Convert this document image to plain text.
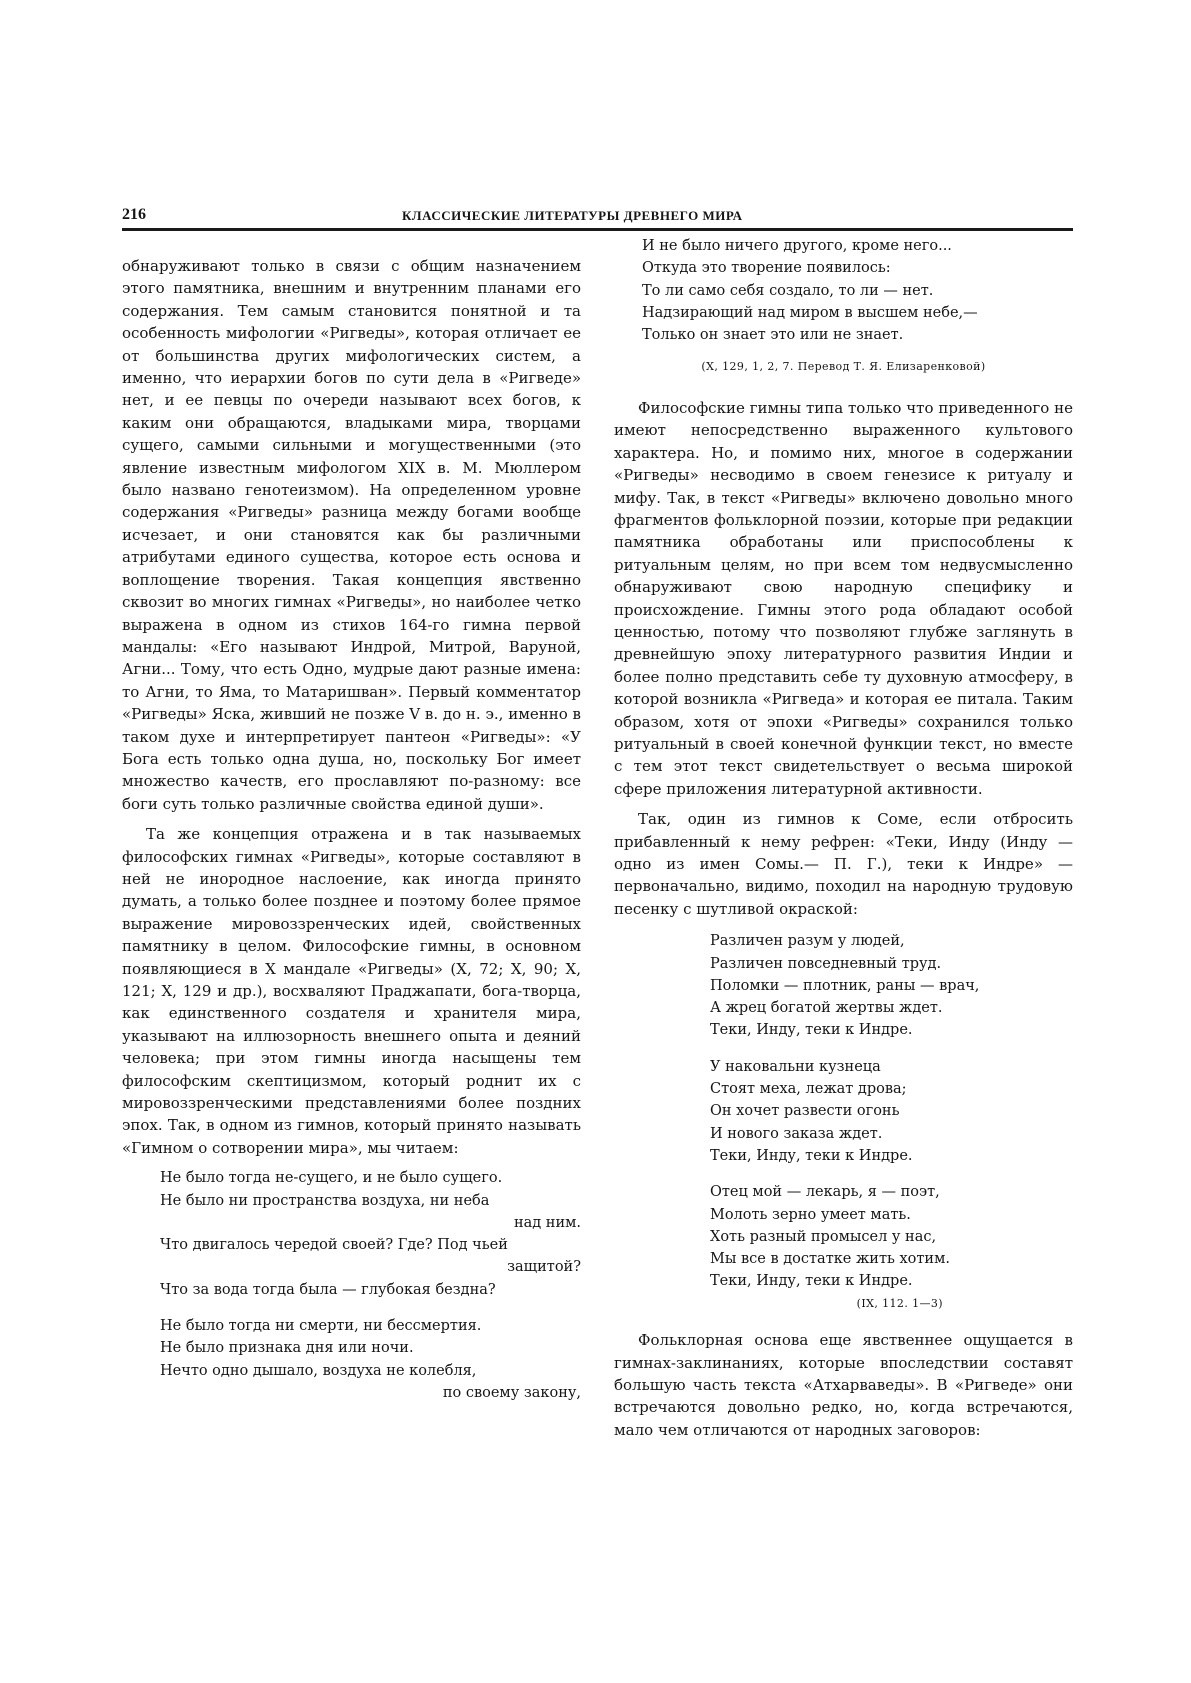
216	КЛАССИЧЕСКИЕ ЛИТЕРАТУРЫ ДРЕВНЕГО МИРА

обнаруживают только в связи с общим назначением этого памятника, внешним и внутренним планами его содержания. Тем самым становится понятной и та особенность мифологии «Ригведы», которая отличает ее от большинства других мифологических систем, а именно, что иерархии богов по сути дела в «Ригведе» нет, и ее певцы по очереди называют всех богов, к каким они обращаются, владыками мира, творцами сущего, самыми сильными и могущественными (это явление известным мифологом XIX в. М. Мюллером было названо генотеизмом). На определенном уровне содержания «Ригведы» разница между богами вообще исчезает, и они становятся как бы различными атрибутами единого существа, которое есть основа и воплощение творения. Такая концепция явственно сквозит во многих гимнах «Ригведы», но наиболее четко выражена в одном из стихов 164-го гимна первой мандалы: «Его называют Индрой, Митрой, Варуной, Агни... Тому, что есть Одно, мудрые дают разные имена: то Агни, то Яма, то Матаришван». Первый комментатор «Ригведы» Яска, живший не позже V в. до н. э., именно в таком духе и интерпретирует пантеон «Ригведы»: «У Бога есть только одна душа, но, поскольку Бог имеет множество качеств, его прославляют по-разному: все боги суть только различные свойства единой души».

Та же концепция отражена и в так называемых философских гимнах «Ригведы», которые составляют в ней не инородное наслоение, как иногда принято думать, а только более позднее и поэтому более прямое выражение мировоззренческих идей, свойственных памятнику в целом. Философские гимны, в основном появляющиеся в X мандале «Ригведы» (X, 72; X, 90; X, 121; X, 129 и др.), восхваляют Праджапати, бога-творца, как единственного создателя и хранителя мира, указывают на иллюзорность внешнего опыта и деяний человека; при этом гимны иногда насыщены тем философским скептицизмом, который роднит их с мировоззренческими представлениями более поздних эпох. Так, в одном из гимнов, который принято называть «Гимном о сотворении мира», мы читаем:

Не было тогда не-сущего, и не было сущего.
Не было ни пространства воздуха, ни неба
над ним.
Что двигалось чередой своей? Где? Под чьей
защитой?
Что за вода тогда была — глубокая бездна?
Не было тогда ни смерти, ни бессмертия.
Не было признака дня или ночи.
Нечто одно дышало, воздуха не колебля,
по своему закону,
И не было ничего другого, кроме него...
Откуда это творение появилось:
То ли само себя создало, то ли — нет.
Надзирающий над миром в высшем небе,—
Только он знает это или не знает.
(X, 129, 1, 2, 7. Перевод Т. Я. Елизаренковой)

Философские гимны типа только что приведенного не имеют непосредственно выраженного культового характера. Но, и помимо них, многое в содержании «Ригведы» несводимо в своем генезисе к ритуалу и мифу. Так, в текст «Ригведы» включено довольно много фрагментов фольклорной поэзии, которые при редакции памятника обработаны или приспособлены к ритуальным целям, но при всем том недвусмысленно обнаруживают свою народную специфику и происхождение. Гимны этого рода обладают особой ценностью, потому что позволяют глубже заглянуть в древнейшую эпоху литературного развития Индии и более полно представить себе ту духовную атмосферу, в которой возникла «Ригведа» и которая ее питала. Таким образом, хотя от эпохи «Ригведы» сохранился только ритуальный в своей конечной функции текст, но вместе с тем этот текст свидетельствует о весьма широкой сфере приложения литературной активности.

Так, один из гимнов к Соме, если отбросить прибавленный к нему рефрен: «Теки, Инду (Инду — одно из имен Сомы.— П. Г.), теки к Индре» — первоначально, видимо, походил на народную трудовую песенку с шутливой окраской:

Различен разум у людей,
Различен повседневный труд.
Поломки — плотник, раны — врач,
А жрец богатой жертвы ждет.
Теки, Инду, теки к Индре.
У наковальни кузнеца
Стоят меха, лежат дрова;
Он хочет развести огонь
И нового заказа ждет.
Теки, Инду, теки к Индре.
Отец мой — лекарь, я — поэт,
Молоть зерно умеет мать.
Хоть разный промысел у нас,
Мы все в достатке жить хотим.
Теки, Инду, теки к Индре.
(IX, 112. 1—3)

Фольклорная основа еще явственнее ощущается в гимнах-заклинаниях, которые впоследствии составят большую часть текста «Атхарваведы». В «Ригведе» они встречаются довольно редко, но, когда встречаются, мало чем отличаются от народных заговоров:
